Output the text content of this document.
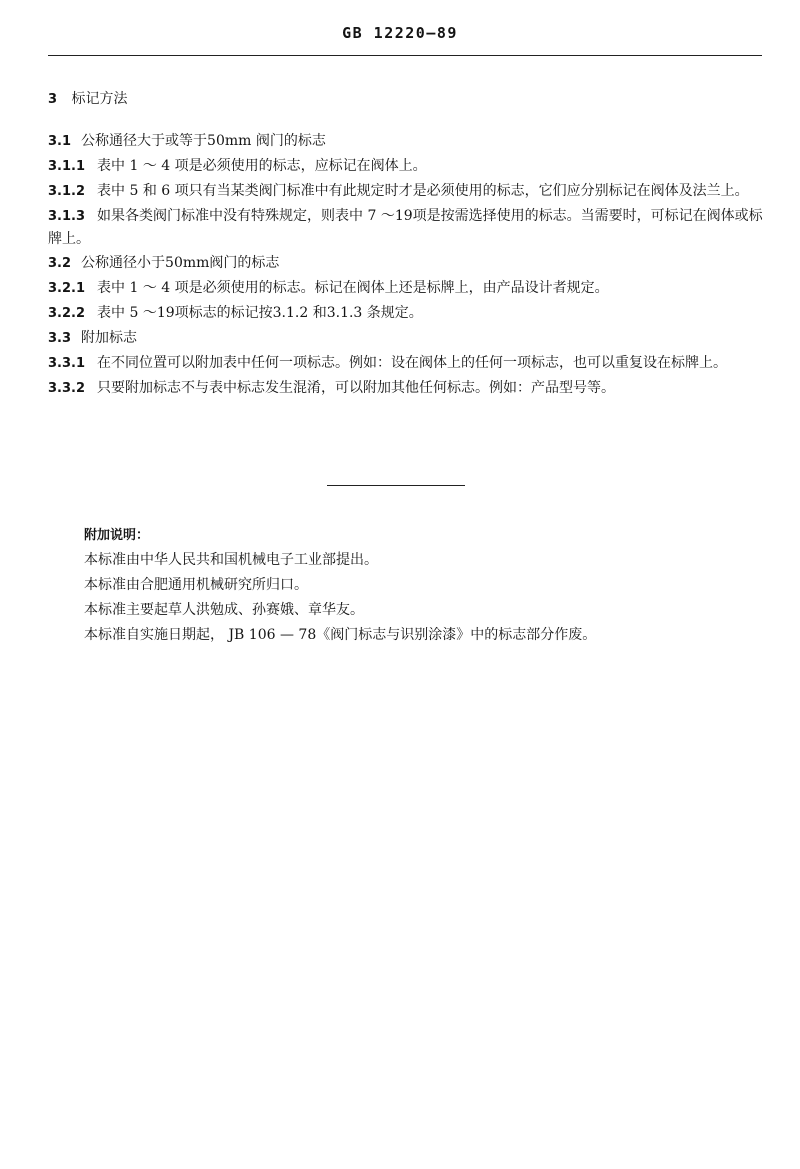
GB 12220—89
3 标记方法
3.1 公称通径大于或等于50mm 阀门的标志
3.1.1 表中 1 ～ 4 项是必须使用的标志，应标记在阀体上。
3.1.2 表中 5 和 6 项只有当某类阀门标准中有此规定时才是必须使用的标志，它们应分别标记在阀体及法兰上。
3.1.3 如果各类阀门标准中没有特殊规定，则表中 7 ～19项是按需选择使用的标志。当需要时，可标记在阀体或标牌上。
3.2 公称通径小于50mm阀门的标志
3.2.1 表中 1 ～ 4 项是必须使用的标志。标记在阀体上还是标牌上，由产品设计者规定。
3.2.2 表中 5 ～19项标志的标记按3.1.2 和3.1.3 条规定。
3.3 附加标志
3.3.1 在不同位置可以附加表中任何一项标志。例如：设在阀体上的任何一项标志，也可以重复设在标牌上。
3.3.2 只要附加标志不与表中标志发生混淆，可以附加其他任何标志。例如：产品型号等。

附加说明：

本标准由中华人民共和国机械电子工业部提出。

本标准由合肥通用机械研究所归口。

本标准主要起草人洪勉成、孙赛娥、章华友。

本标准自实施日期起， JB 106 — 78《阀门标志与识别涂漆》中的标志部分作废。
